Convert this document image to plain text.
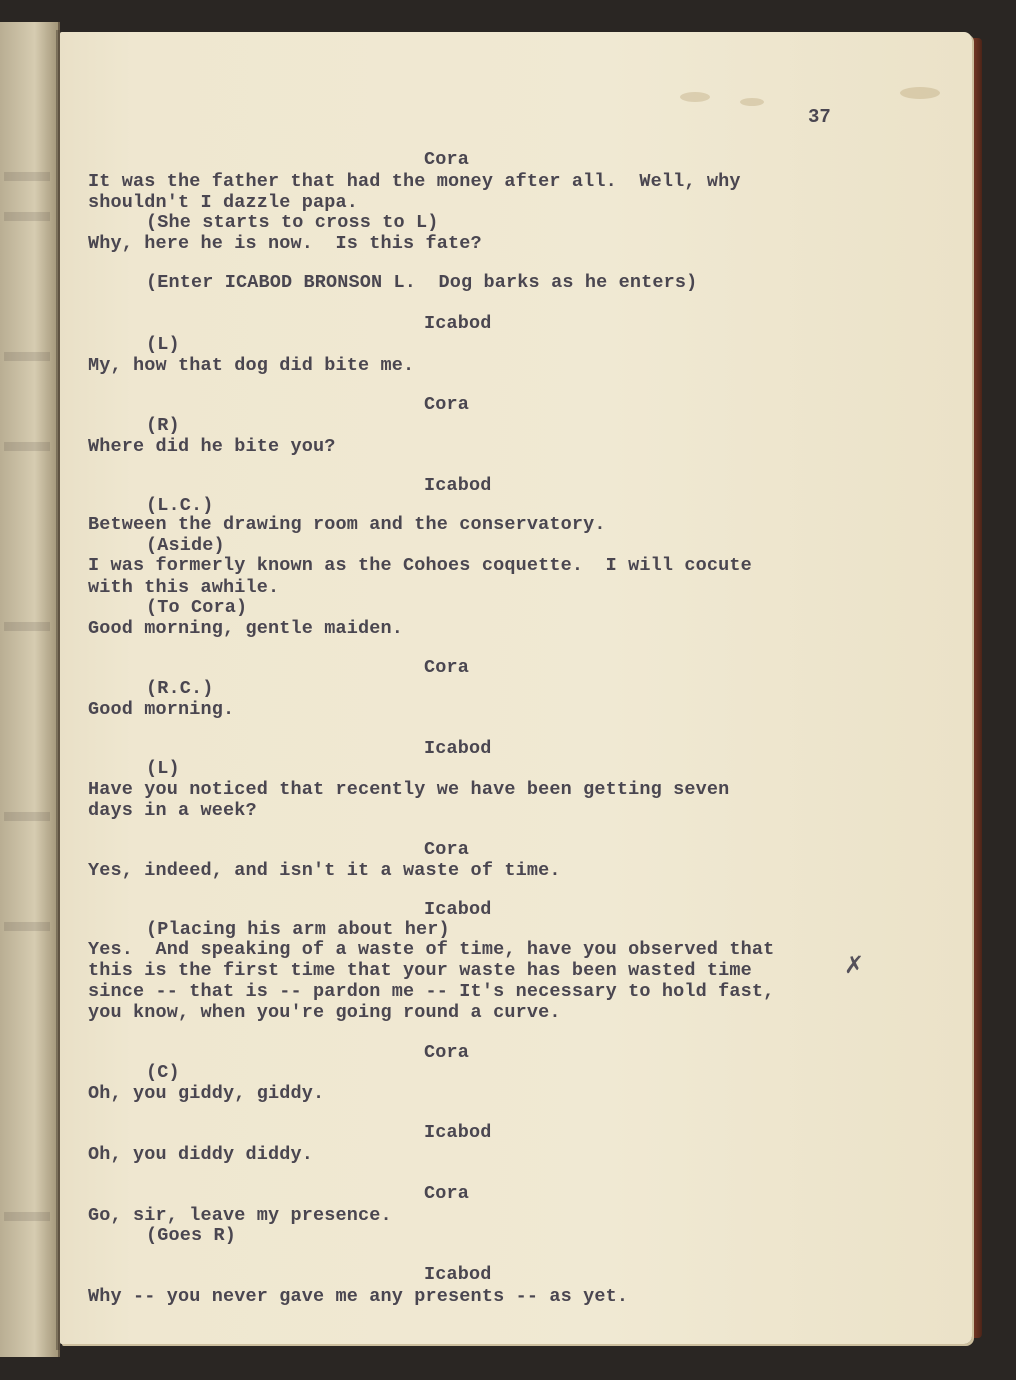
37

Cora

It was the father that had the money after all.  Well, why

shouldn't I dazzle papa.

(She starts to cross to L)

Why, here he is now.  Is this fate?

(Enter ICABOD BRONSON L.  Dog barks as he enters)

Icabod

(L)

My, how that dog did bite me.

Cora

(R)

Where did he bite you?

Icabod

(L.C.)

Between the drawing room and the conservatory.

(Aside)

I was formerly known as the Cohoes coquette.  I will cocute

with this awhile.

(To Cora)

Good morning, gentle maiden.

Cora

(R.C.)

Good morning.

Icabod

(L)

Have you noticed that recently we have been getting seven

days in a week?

Cora

Yes, indeed, and isn't it a waste of time.

Icabod

(Placing his arm about her)

Yes.  And speaking of a waste of time, have you observed that

this is the first time that your waste has been wasted time

since -- that is -- pardon me -- It's necessary to hold fast,

you know, when you're going round a curve.

Cora

(C)

Oh, you giddy, giddy.

Icabod

Oh, you diddy diddy.

Cora

Go, sir, leave my presence.

(Goes R)

Icabod

Why -- you never gave me any presents -- as yet.

✗
